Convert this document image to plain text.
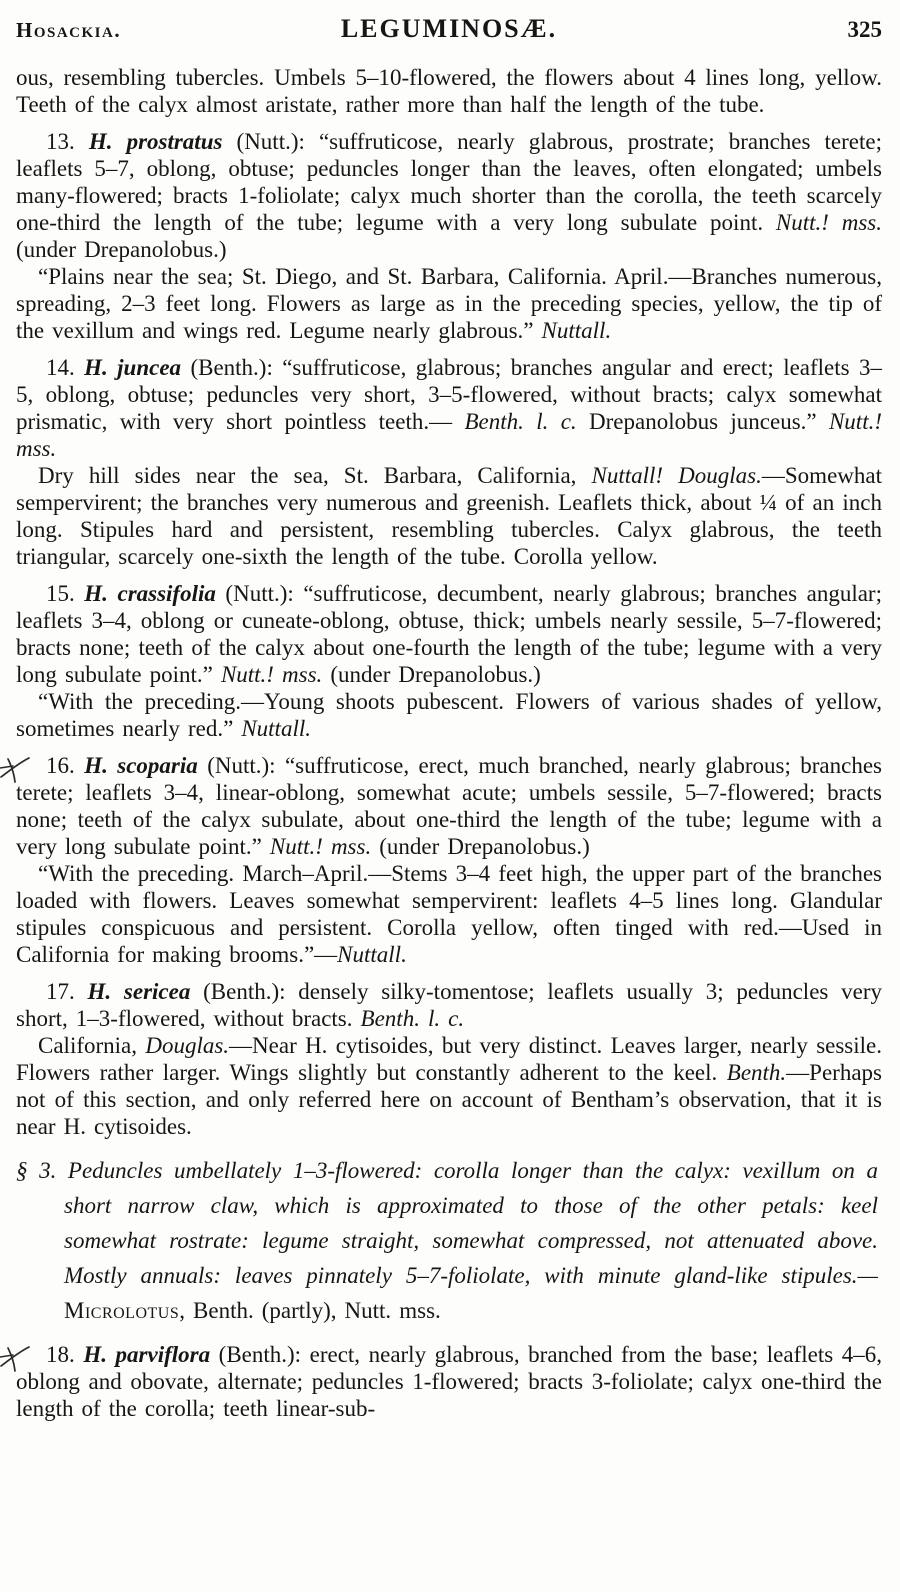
Hosackia.	LEGUMINOSÆ.	325

ous, resembling tubercles. Umbels 5–10-flowered, the flowers about 4 lines long, yellow. Teeth of the calyx almost aristate, rather more than half the length of the tube.

13. H. prostratus (Nutt.): “suffruticose, nearly glabrous, prostrate; branches terete; leaflets 5–7, oblong, obtuse; peduncles longer than the leaves, often elongated; umbels many-flowered; bracts 1-foliolate; calyx much shorter than the corolla, the teeth scarcely one-third the length of the tube; legume with a very long subulate point. Nutt.! mss. (under Drepanolobus.)

“Plains near the sea; St. Diego, and St. Barbara, California. April.—Branches numerous, spreading, 2–3 feet long. Flowers as large as in the preceding species, yellow, the tip of the vexillum and wings red. Legume nearly glabrous.” Nuttall.

14. H. juncea (Benth.): “suffruticose, glabrous; branches angular and erect; leaflets 3–5, oblong, obtuse; peduncles very short, 3–5-flowered, without bracts; calyx somewhat prismatic, with very short pointless teeth.— Benth. l. c. Drepanolobus junceus.” Nutt.! mss.

Dry hill sides near the sea, St. Barbara, California, Nuttall! Douglas.—Somewhat sempervirent; the branches very numerous and greenish. Leaflets thick, about ¼ of an inch long. Stipules hard and persistent, resembling tubercles. Calyx glabrous, the teeth triangular, scarcely one-sixth the length of the tube. Corolla yellow.

15. H. crassifolia (Nutt.): “suffruticose, decumbent, nearly glabrous; branches angular; leaflets 3–4, oblong or cuneate-oblong, obtuse, thick; umbels nearly sessile, 5–7-flowered; bracts none; teeth of the calyx about one-fourth the length of the tube; legume with a very long subulate point.” Nutt.! mss. (under Drepanolobus.)

“With the preceding.—Young shoots pubescent. Flowers of various shades of yellow, sometimes nearly red.” Nuttall.

16. H. scoparia (Nutt.): “suffruticose, erect, much branched, nearly glabrous; branches terete; leaflets 3–4, linear-oblong, somewhat acute; umbels sessile, 5–7-flowered; bracts none; teeth of the calyx subulate, about one-third the length of the tube; legume with a very long subulate point.” Nutt.! mss. (under Drepanolobus.)

“With the preceding. March–April.—Stems 3–4 feet high, the upper part of the branches loaded with flowers. Leaves somewhat sempervirent: leaflets 4–5 lines long. Glandular stipules conspicuous and persistent. Corolla yellow, often tinged with red.—Used in California for making brooms.”—Nuttall.

17. H. sericea (Benth.): densely silky-tomentose; leaflets usually 3; peduncles very short, 1–3-flowered, without bracts. Benth. l. c.

California, Douglas.—Near H. cytisoides, but very distinct. Leaves larger, nearly sessile. Flowers rather larger. Wings slightly but constantly adherent to the keel. Benth.—Perhaps not of this section, and only referred here on account of Bentham’s observation, that it is near H. cytisoides.

§ 3. Peduncles umbellately 1–3-flowered: corolla longer than the calyx: vexillum on a short narrow claw, which is approximated to those of the other petals: keel somewhat rostrate: legume straight, somewhat compressed, not attenuated above. Mostly annuals: leaves pinnately 5–7-foliolate, with minute gland-like stipules.—Microlotus, Benth. (partly), Nutt. mss.

18. H. parviflora (Benth.): erect, nearly glabrous, branched from the base; leaflets 4–6, oblong and obovate, alternate; peduncles 1-flowered; bracts 3-foliolate; calyx one-third the length of the corolla; teeth linear-sub-
